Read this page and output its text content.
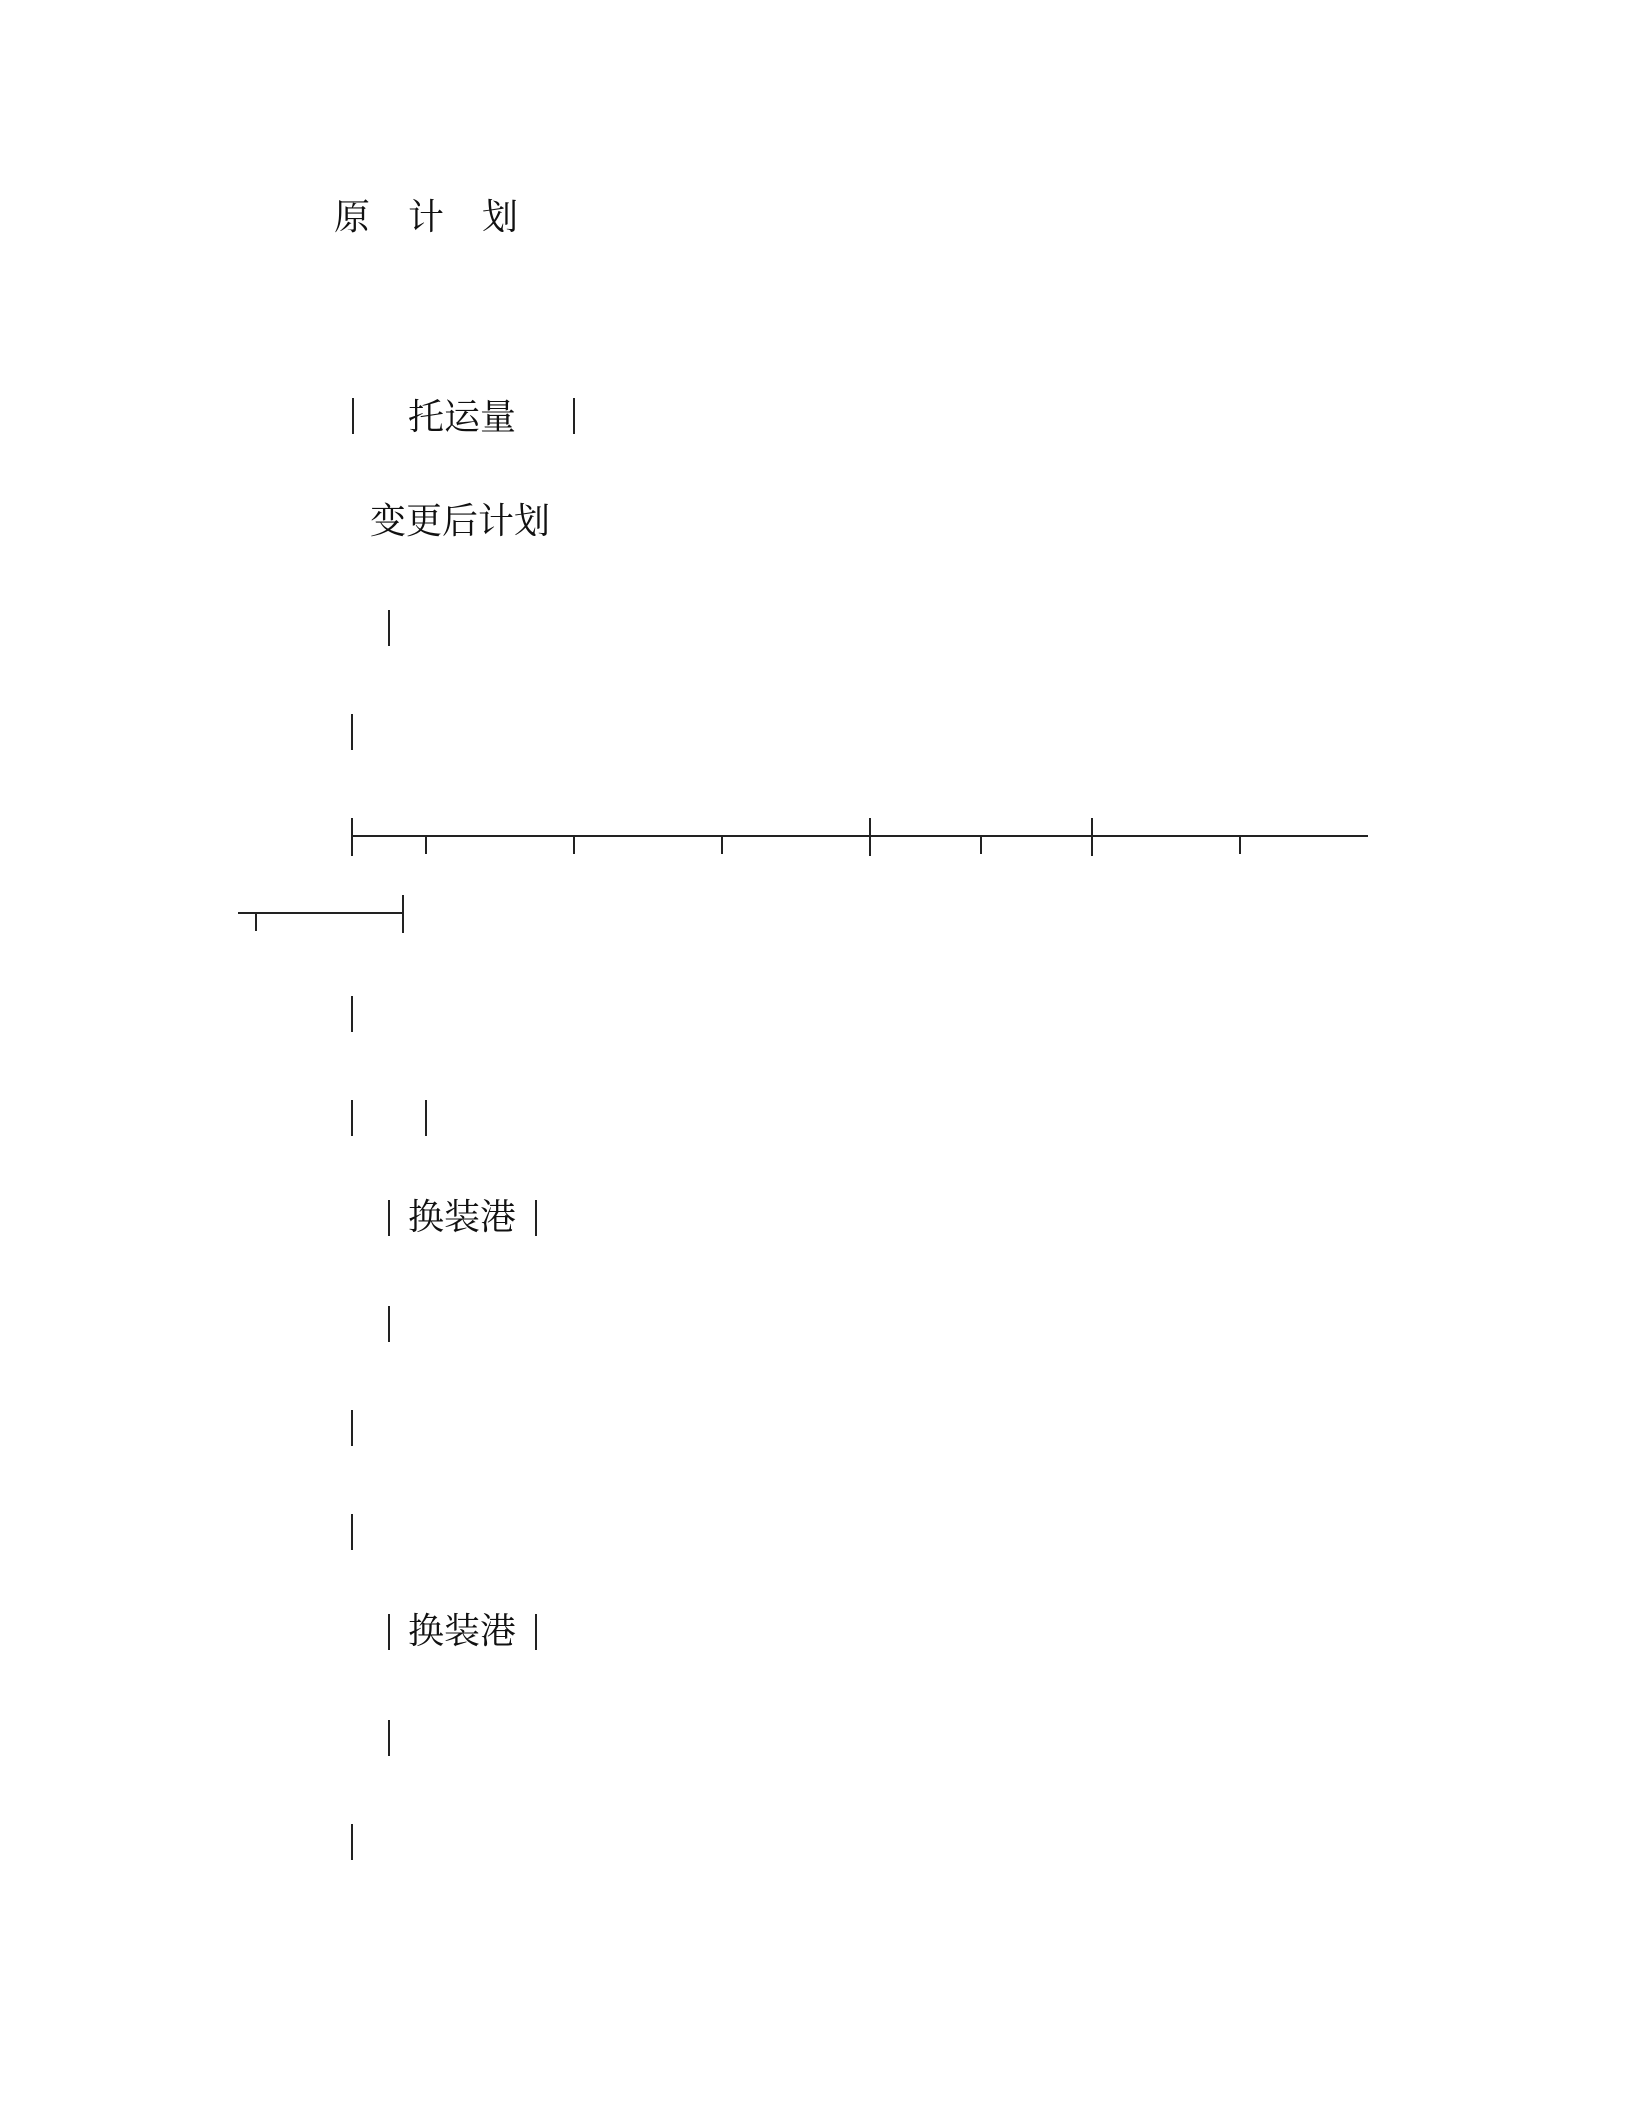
原计划
托运量
变更后计划
换装港
换装港
